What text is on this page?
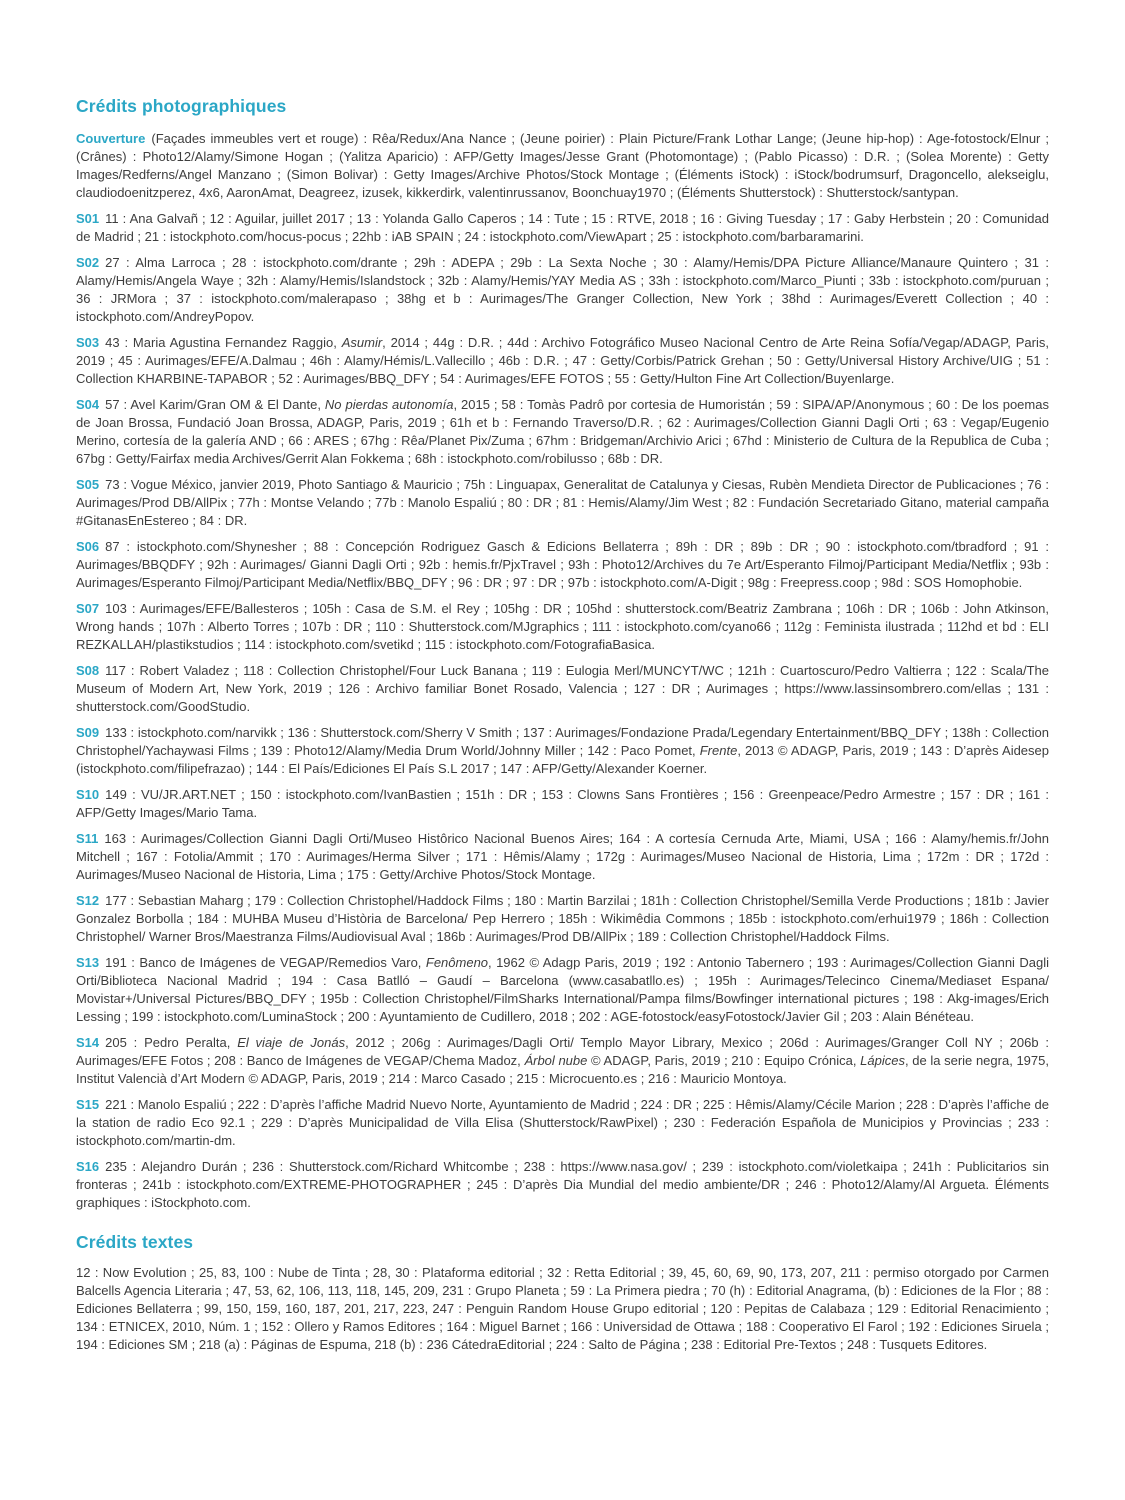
Crédits photographiques

Couverture (Façades immeubles vert et rouge) : Rêa/Redux/Ana Nance ; (Jeune poirier) : Plain Picture/Frank Lothar Lange; (Jeune hip-hop) : Age-fotostock/Elnur ; (Crânes) : Photo12/Alamy/Simone Hogan ; (Yalitza Aparicio) : AFP/Getty Images/Jesse Grant (Photomontage) ; (Pablo Picasso) : D.R. ; (Solea Morente) : Getty Images/Redferns/Angel Manzano ; (Simon Bolivar) : Getty Images/Archive Photos/Stock Montage ; (Éléments iStock) : iStock/bodrumsurf, Dragoncello, alekseiglu, claudiodoenitzperez, 4x6, AaronAmat, Deagreez, izusek, kikkerdirk, valentinrussanov, Boonchuay1970 ; (Éléments Shutterstock) : Shutterstock/santypan.

S01 11 : Ana Galvañ ; 12 : Aguilar, juillet 2017 ; 13 : Yolanda Gallo Caperos ; 14 : Tute ; 15 : RTVE, 2018 ; 16 : Giving Tuesday ; 17 : Gaby Herbstein ; 20 : Comunidad de Madrid ; 21 : istockphoto.com/hocus-pocus ; 22hb : iAB SPAIN ; 24 : istockphoto.com/ViewApart ; 25 : istockphoto.com/barbaramarini.

S02 27 : Alma Larroca ; 28 : istockphoto.com/drante ; 29h : ADEPA ; 29b : La Sexta Noche ; 30 : Alamy/Hemis/DPA Picture Alliance/Manaure Quintero ; 31 : Alamy/Hemis/Angela Waye ; 32h : Alamy/Hemis/Islandstock ; 32b : Alamy/Hemis/YAY Media AS ; 33h : istockphoto.com/Marco_Piunti ; 33b : istockphoto.com/puruan ; 36 : JRMora ; 37 : istockphoto.com/malerapaso ; 38hg et b : Aurimages/The Granger Collection, New York ; 38hd : Aurimages/Everett Collection ; 40 : istockphoto.com/AndreyPopov.

S03 43 : Maria Agustina Fernandez Raggio, Asumir, 2014 ; 44g : D.R. ; 44d : Archivo Fotográfico Museo Nacional Centro de Arte Reina Sofía/Vegap/ADAGP, Paris, 2019 ; 45 : Aurimages/EFE/A.Dalmau ; 46h : Alamy/Hémis/L.Vallecillo ; 46b : D.R. ; 47 : Getty/Corbis/Patrick Grehan ; 50 : Getty/Universal History Archive/UIG ; 51 : Collection KHARBINE-TAPABOR ; 52 : Aurimages/BBQ_DFY ; 54 : Aurimages/EFE FOTOS ; 55 : Getty/Hulton Fine Art Collection/Buyenlarge.

S04 57 : Avel Karim/Gran OM & El Dante, No pierdas autonomía, 2015 ; 58 : Tomàs Padrô por cortesia de Humoristán ; 59 : SIPA/AP/Anonymous ; 60 : De los poemas de Joan Brossa, Fundació Joan Brossa, ADAGP, Paris, 2019 ; 61h et b : Fernando Traverso/D.R. ; 62 : Aurimages/Collection Gianni Dagli Orti ; 63 : Vegap/Eugenio Merino, cortesía de la galería AND ; 66 : ARES ; 67hg : Rêa/Planet Pix/Zuma ; 67hm : Bridgeman/Archivio Arici ; 67hd : Ministerio de Cultura de la Republica de Cuba ; 67bg : Getty/Fairfax media Archives/Gerrit Alan Fokkema ; 68h : istockphoto.com/robilusso ; 68b : DR.

S05 73 : Vogue México, janvier 2019, Photo Santiago & Mauricio ; 75h : Linguapax, Generalitat de Catalunya y Ciesas, Rubèn Mendieta Director de Publicaciones ; 76 : Aurimages/Prod DB/AllPix ; 77h : Montse Velando ; 77b : Manolo Espaliú ; 80 : DR ; 81 : Hemis/Alamy/Jim West ; 82 : Fundación Secretariado Gitano, material campaña #GitanasEnEstereo ; 84 : DR.

S06 87 : istockphoto.com/Shynesher ; 88 : Concepción Rodriguez Gasch & Edicions Bellaterra ; 89h : DR ; 89b : DR ; 90 : istockphoto.com/tbradford ; 91 : Aurimages/BBQDFY ; 92h : Aurimages/ Gianni Dagli Orti ; 92b : hemis.fr/PjxTravel ; 93h : Photo12/Archives du 7e Art/Esperanto Filmoj/Participant Media/Netflix ; 93b : Aurimages/Esperanto Filmoj/Participant Media/Netflix/BBQ_DFY ; 96 : DR ; 97 : DR ; 97b : istockphoto.com/A-Digit ; 98g : Freepress.coop ; 98d : SOS Homophobie.

S07 103 : Aurimages/EFE/Ballesteros ; 105h : Casa de S.M. el Rey ; 105hg : DR ; 105hd : shutterstock.com/Beatriz Zambrana ; 106h : DR ; 106b : John Atkinson, Wrong hands ; 107h : Alberto Torres ; 107b : DR ; 110 : Shutterstock.com/MJgraphics ; 111 : istockphoto.com/cyano66 ; 112g : Feminista ilustrada ; 112hd et bd : ELI REZKALLAH/plastikstudios ; 114 : istockphoto.com/svetikd ; 115 : istockphoto.com/FotografiaBasica.

S08 117 : Robert Valadez ; 118 : Collection Christophel/Four Luck Banana ; 119 : Eulogia Merl/MUNCYT/WC ; 121h : Cuartoscuro/Pedro Valtierra ; 122 : Scala/The Museum of Modern Art, New York, 2019 ; 126 : Archivo familiar Bonet Rosado, Valencia ; 127 : DR ; Aurimages ; https://www.lassinsombrero.com/ellas ; 131 : shutterstock.com/GoodStudio.

S09 133 : istockphoto.com/narvikk ; 136 : Shutterstock.com/Sherry V Smith ; 137 : Aurimages/Fondazione Prada/Legendary Entertainment/BBQ_DFY ; 138h : Collection Christophel/Yachaywasi Films ; 139 : Photo12/Alamy/Media Drum World/Johnny Miller ; 142 : Paco Pomet, Frente, 2013 © ADAGP, Paris, 2019 ; 143 : D’après Aidesep (istockphoto.com/filipefrazao) ; 144 : El País/Ediciones El País S.L 2017 ; 147 : AFP/Getty/Alexander Koerner.

S10 149 : VU/JR.ART.NET ; 150 : istockphoto.com/IvanBastien ; 151h : DR ; 153 : Clowns Sans Frontières ; 156 : Greenpeace/Pedro Armestre ; 157 : DR ; 161 : AFP/Getty Images/Mario Tama.

S11 163 : Aurimages/Collection Gianni Dagli Orti/Museo Histôrico Nacional Buenos Aires; 164 : A cortesía Cernuda Arte, Miami, USA ; 166 : Alamy/hemis.fr/John Mitchell ; 167 : Fotolia/Ammit ; 170 : Aurimages/Herma Silver ; 171 : Hêmis/Alamy ; 172g : Aurimages/Museo Nacional de Historia, Lima ; 172m : DR ; 172d : Aurimages/Museo Nacional de Historia, Lima ; 175 : Getty/Archive Photos/Stock Montage.

S12 177 : Sebastian Maharg ; 179 : Collection Christophel/Haddock Films ; 180 : Martin Barzilai ; 181h : Collection Christophel/Semilla Verde Productions ; 181b : Javier Gonzalez Borbolla ; 184 : MUHBA Museu d’Història de Barcelona/ Pep Herrero ; 185h : Wikimêdia Commons ; 185b : istockphoto.com/erhui1979 ; 186h : Collection Christophel/ Warner Bros/Maestranza Films/Audiovisual Aval ; 186b : Aurimages/Prod DB/AllPix ; 189 : Collection Christophel/Haddock Films.

S13 191 : Banco de Imágenes de VEGAP/Remedios Varo, Fenômeno, 1962 © Adagp Paris, 2019 ; 192 : Antonio Tabernero ; 193 : Aurimages/Collection Gianni Dagli Orti/Biblioteca Nacional Madrid ; 194 : Casa Batlló – Gaudí – Barcelona (www.casabatllo.es) ; 195h : Aurimages/Telecinco Cinema/Mediaset Espana/ Movistar+/Universal Pictures/BBQ_DFY ; 195b : Collection Christophel/FilmSharks International/Pampa films/Bowfinger international pictures ; 198 : Akg-images/Erich Lessing ; 199 : istockphoto.com/LuminaStock ; 200 : Ayuntamiento de Cudillero, 2018 ; 202 : AGE-fotostock/easyFotostock/Javier Gil ; 203 : Alain Bénéteau.

S14 205 : Pedro Peralta, El viaje de Jonás, 2012 ; 206g : Aurimages/Dagli Orti/ Templo Mayor Library, Mexico ; 206d : Aurimages/Granger Coll NY ; 206b : Aurimages/EFE Fotos ; 208 : Banco de Imágenes de VEGAP/Chema Madoz, Árbol nube © ADAGP, Paris, 2019 ; 210 : Equipo Crónica, Lápices, de la serie negra, 1975, Institut Valencià d’Art Modern © ADAGP, Paris, 2019 ; 214 : Marco Casado ; 215 : Microcuento.es ; 216 : Mauricio Montoya.

S15 221 : Manolo Espaliú ; 222 : D’après l’affiche Madrid Nuevo Norte, Ayuntamiento de Madrid ; 224 : DR ; 225 : Hêmis/Alamy/Cécile Marion ; 228 : D’après l’affiche de la station de radio Eco 92.1 ; 229 : D’après Municipalidad de Villa Elisa (Shutterstock/RawPixel) ; 230 : Federación Española de Municipios y Provincias ; 233 : istockphoto.com/martin-dm.

S16 235 : Alejandro Durán ; 236 : Shutterstock.com/Richard Whitcombe ; 238 : https://www.nasa.gov/ ; 239 : istockphoto.com/violetkaipa ; 241h : Publicitarios sin fronteras ; 241b : istockphoto.com/EXTREME-PHOTOGRAPHER ; 245 : D’après Dia Mundial del medio ambiente/DR ; 246 : Photo12/Alamy/Al Argueta. Éléments graphiques : iStockphoto.com.

Crédits textes

12 : Now Evolution ; 25, 83, 100 : Nube de Tinta ; 28, 30 : Plataforma editorial ; 32 : Retta Editorial ; 39, 45, 60, 69, 90, 173, 207, 211 : permiso otorgado por Carmen Balcells Agencia Literaria ; 47, 53, 62, 106, 113, 118, 145, 209, 231 : Grupo Planeta ; 59 : La Primera piedra ; 70 (h) : Editorial Anagrama, (b) : Ediciones de la Flor ; 88 : Ediciones Bellaterra ; 99, 150, 159, 160, 187, 201, 217, 223, 247 : Penguin Random House Grupo editorial ; 120 : Pepitas de Calabaza ; 129 : Editorial Renacimiento ; 134 : ETNICEX, 2010, Núm. 1 ; 152 : Ollero y Ramos Editores ; 164 : Miguel Barnet ; 166 : Universidad de Ottawa ; 188 : Cooperativo El Farol ; 192 : Ediciones Siruela ; 194 : Ediciones SM ; 218 (a) : Páginas de Espuma, 218 (b) : 236 CátedraEditorial ; 224 : Salto de Página ; 238 : Editorial Pre-Textos ; 248 : Tusquets Editores.
